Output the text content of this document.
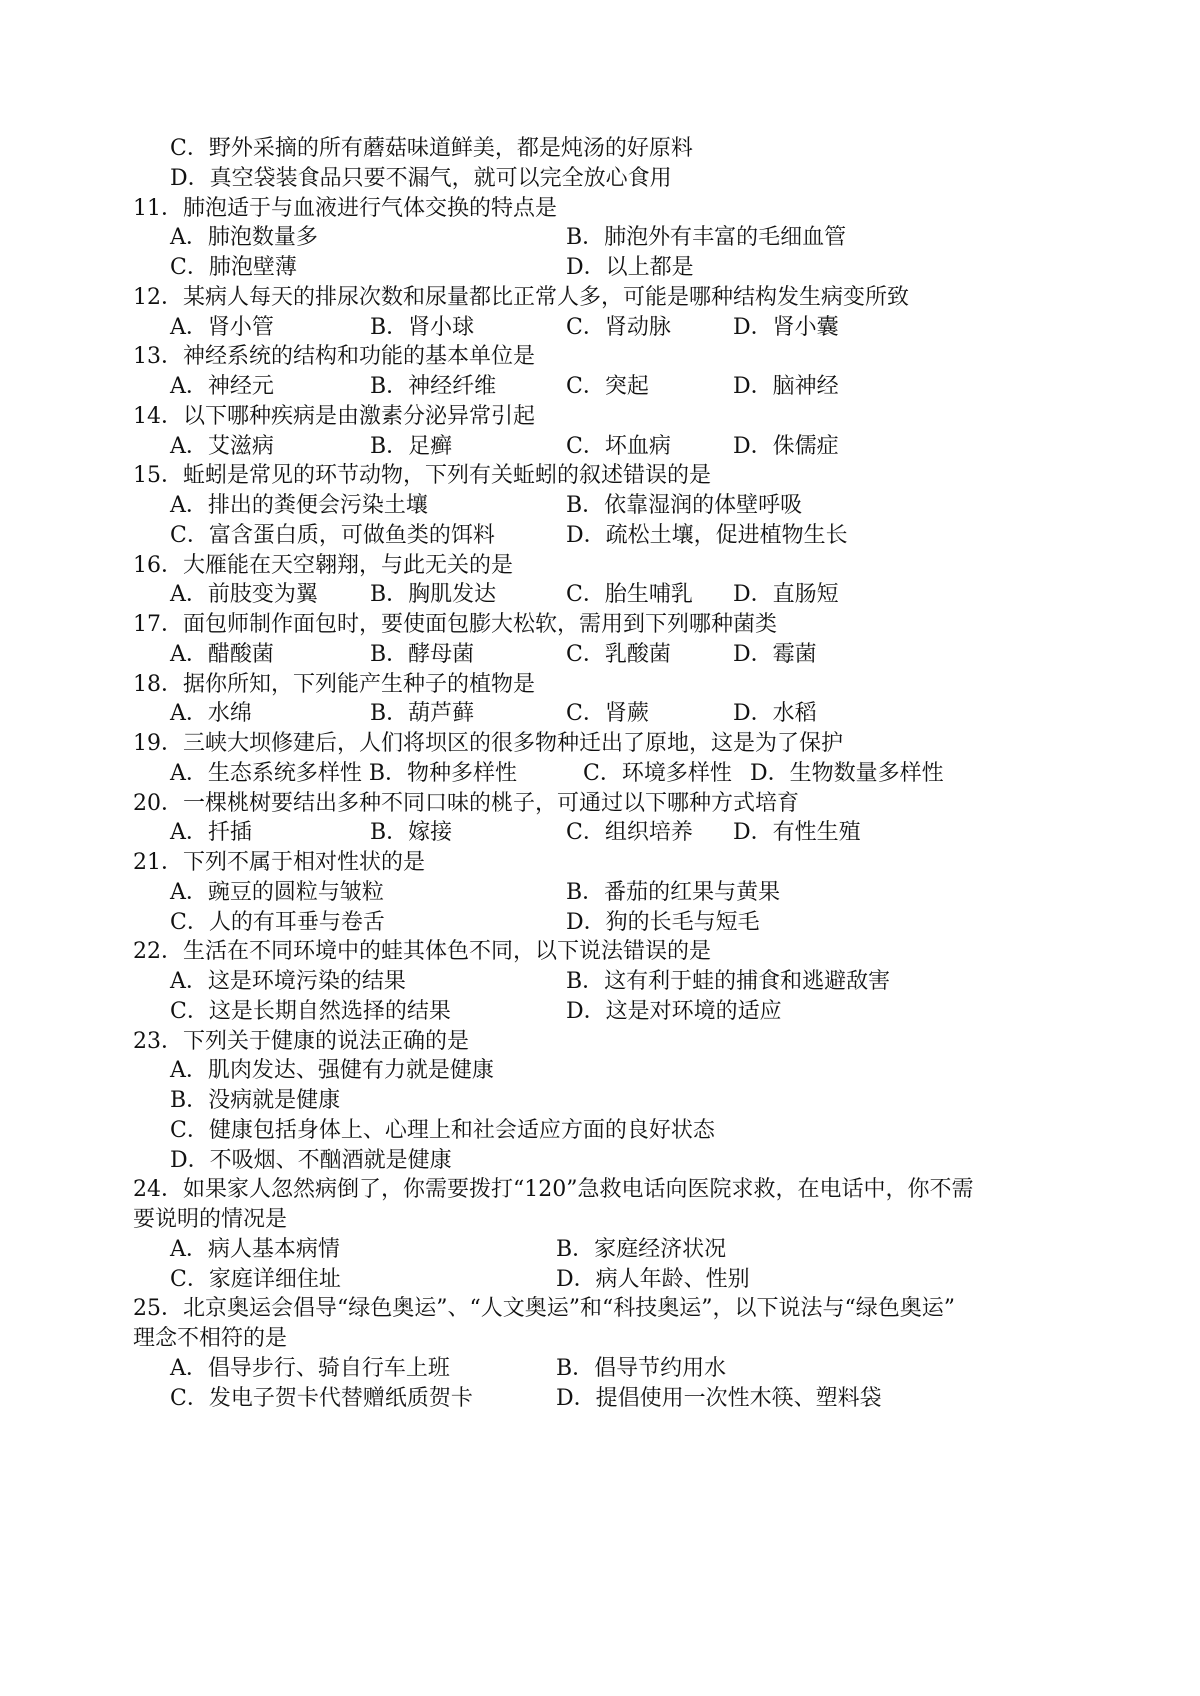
C．野外采摘的所有蘑菇味道鲜美，都是炖汤的好原料
D．真空袋装食品只要不漏气，就可以完全放心食用
11．肺泡适于与血液进行气体交换的特点是
A．肺泡数量多	B．肺泡外有丰富的毛细血管
C．肺泡壁薄	D．以上都是
12．某病人每天的排尿次数和尿量都比正常人多，可能是哪种结构发生病变所致
A．肾小管	B．肾小球	C．肾动脉	D．肾小囊
13．神经系统的结构和功能的基本单位是
A．神经元	B．神经纤维	C．突起	D．脑神经
14．以下哪种疾病是由激素分泌异常引起
A．艾滋病	B．足癣	C．坏血病	D．侏儒症
15．蚯蚓是常见的环节动物，下列有关蚯蚓的叙述错误的是
A．排出的粪便会污染土壤	B．依靠湿润的体壁呼吸
C．富含蛋白质，可做鱼类的饵料	D．疏松土壤，促进植物生长
16．大雁能在天空翱翔，与此无关的是
A．前肢变为翼 B．胸肌发达	C．胎生哺乳 D．直肠短
17．面包师制作面包时，要使面包膨大松软，需用到下列哪种菌类
A．醋酸菌	B．酵母菌	C．乳酸菌	D．霉菌
18．据你所知，下列能产生种子的植物是
A．水绵	B．葫芦藓	C．肾蕨	D．水稻
19．三峡大坝修建后，人们将坝区的很多物种迁出了原地，这是为了保护
A．生态系统多样性 B．物种多样性	C．环境多样性 D．生物数量多样性
20．一棵桃树要结出多种不同口味的桃子，可通过以下哪种方式培育
A．扦插	B．嫁接	C．组织培养 D．有性生殖
21．下列不属于相对性状的是
A．豌豆的圆粒与皱粒	B．番茄的红果与黄果
C．人的有耳垂与卷舌	D．狗的长毛与短毛
22．生活在不同环境中的蛙其体色不同，以下说法错误的是
A．这是环境污染的结果	B．这有利于蛙的捕食和逃避敌害
C．这是长期自然选择的结果	D．这是对环境的适应
23．下列关于健康的说法正确的是
A．肌肉发达、强健有力就是健康
B．没病就是健康
C．健康包括身体上、心理上和社会适应方面的良好状态
D．不吸烟、不酗酒就是健康
24．如果家人忽然病倒了，你需要拨打“120”急救电话向医院求救，在电话中，你不需
要说明的情况是
A．病人基本病情	B．家庭经济状况
C．家庭详细住址	D．病人年龄、性别
25．北京奥运会倡导“绿色奥运”、“人文奥运”和“科技奥运”，以下说法与“绿色奥运”
理念不相符的是
A．倡导步行、骑自行车上班	B．倡导节约用水
C．发电子贺卡代替赠纸质贺卡	D．提倡使用一次性木筷、塑料袋
